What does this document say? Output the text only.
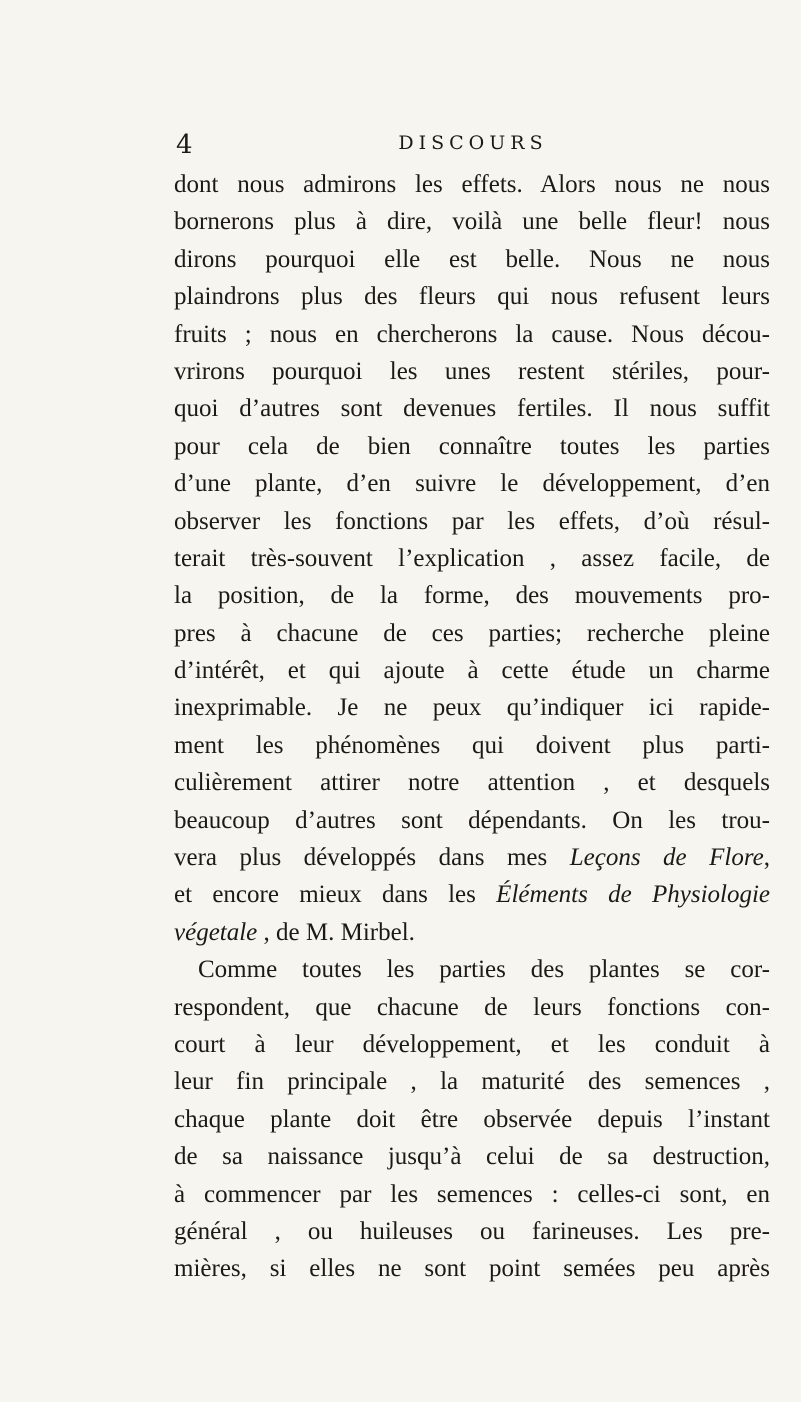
4	DISCOURS
dont nous admirons les effets. Alors nous ne nous
bornerons plus à dire, voilà une belle fleur! nous
dirons pourquoi elle est belle. Nous ne nous
plaindrons plus des fleurs qui nous refusent leurs
fruits ; nous en chercherons la cause. Nous décou-
vrirons pourquoi les unes restent stériles, pour-
quoi d’autres sont devenues fertiles. Il nous suffit
pour cela de bien connaître toutes les parties
d’une plante, d’en suivre le développement, d’en
observer les fonctions par les effets, d’où résul-
terait très-souvent l’explication , assez facile, de
la position, de la forme, des mouvements pro-
pres à chacune de ces parties; recherche pleine
d’intérêt, et qui ajoute à cette étude un charme
inexprimable. Je ne peux qu’indiquer ici rapide-
ment les phénomènes qui doivent plus parti-
culièrement attirer notre attention , et desquels
beaucoup d’autres sont dépendants. On les trou-
vera plus développés dans mes Leçons de Flore,
et encore mieux dans les Éléments de Physiologie
végetale , de M. Mirbel.
Comme toutes les parties des plantes se cor-
respondent, que chacune de leurs fonctions con-
court à leur développement, et les conduit à
leur fin principale , la maturité des semences ,
chaque plante doit être observée depuis l’instant
de sa naissance jusqu’à celui de sa destruction,
à commencer par les semences : celles-ci sont, en
général , ou huileuses ou farineuses. Les pre-
mières, si elles ne sont point semées peu après
